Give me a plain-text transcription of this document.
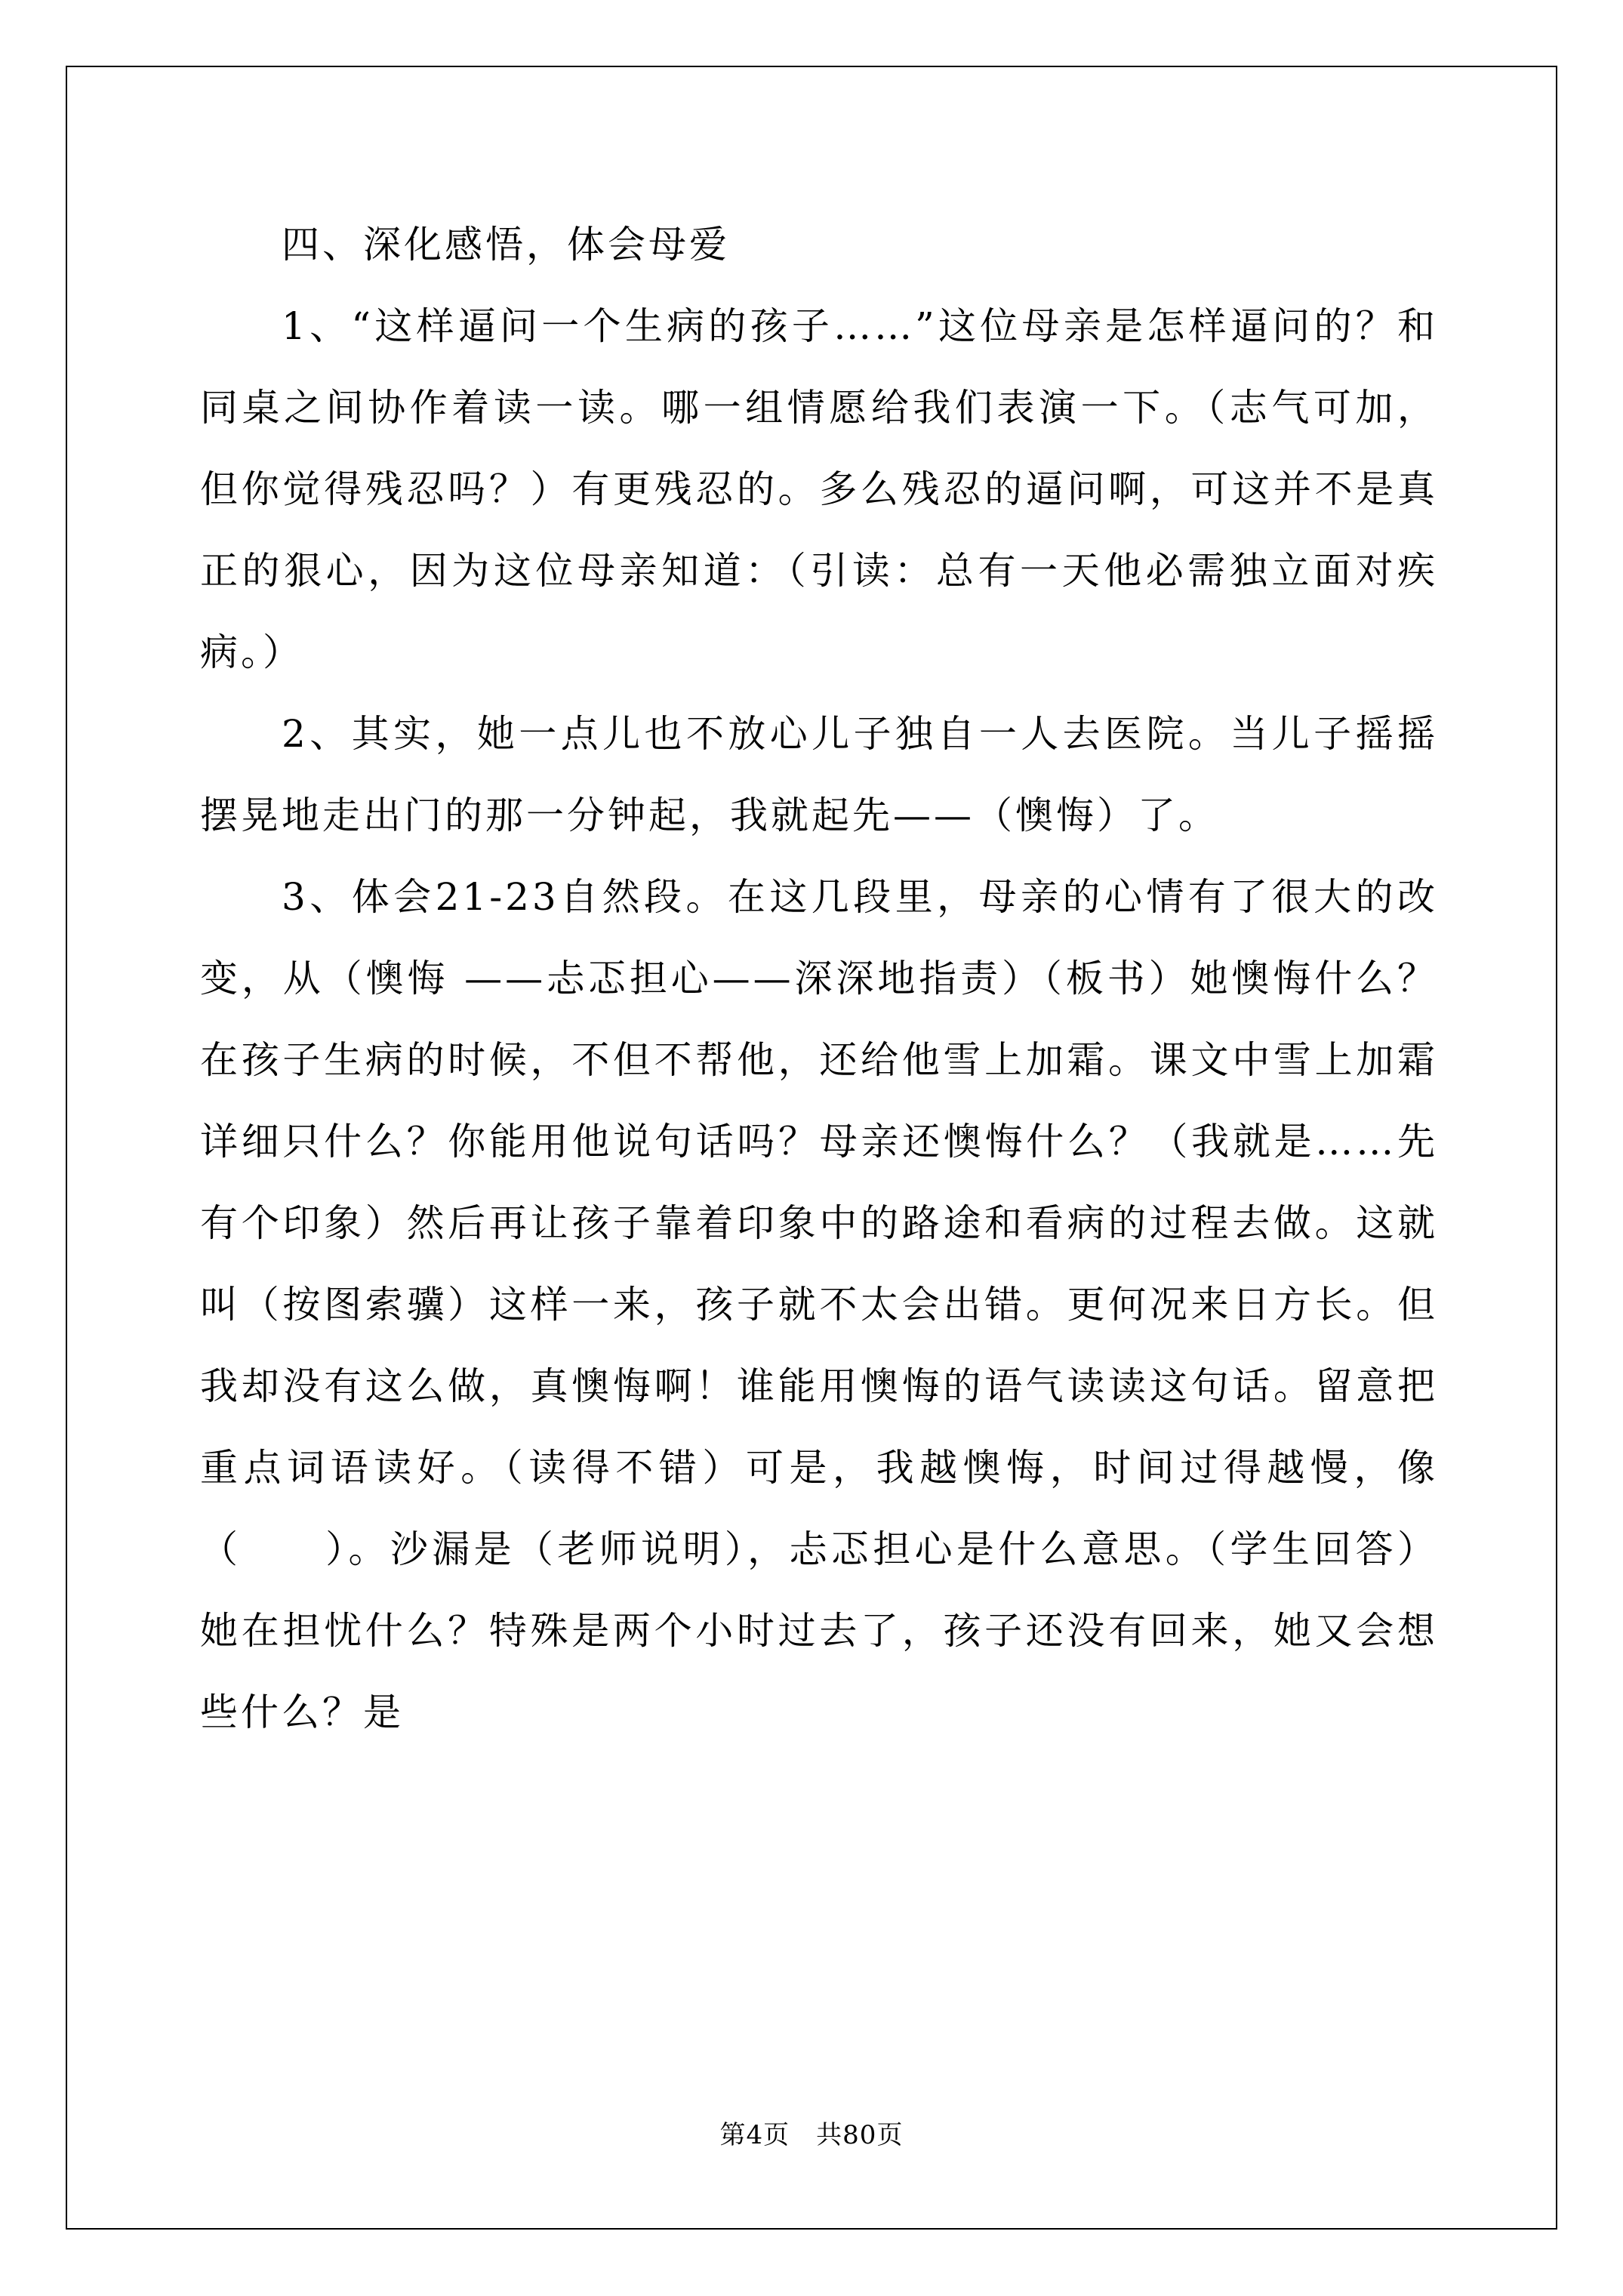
四、深化感悟，体会母爱

1、“这样逼问一个生病的孩子……”这位母亲是怎样逼问的？和同桌之间协作着读一读。哪一组情愿给我们表演一下。（志气可加，但你觉得残忍吗？）有更残忍的。多么残忍的逼问啊，可这并不是真正的狠心，因为这位母亲知道：（引读：总有一天他必需独立面对疾病。）

2、其实，她一点儿也不放心儿子独自一人去医院。当儿子摇摇摆晃地走出门的那一分钟起，我就起先——（懊悔）了。

3、体会21-23自然段。在这几段里，母亲的心情有了很大的改变，从（懊悔 ——忐忑担心——深深地指责）（板书）她懊悔什么？在孩子生病的时候，不但不帮他，还给他雪上加霜。课文中雪上加霜详细只什么？你能用他说句话吗？母亲还懊悔什么？（我就是……先有个印象）然后再让孩子靠着印象中的路途和看病的过程去做。这就叫（按图索骥）这样一来，孩子就不太会出错。更何况来日方长。但我却没有这么做，真懊悔啊！谁能用懊悔的语气读读这句话。留意把重点词语读好。（读得不错）可是，我越懊悔，时间过得越慢，像（　　）。沙漏是（老师说明），忐忑担心是什么意思。（学生回答）她在担忧什么？特殊是两个小时过去了，孩子还没有回来，她又会想些什么？是

第4页　共80页
